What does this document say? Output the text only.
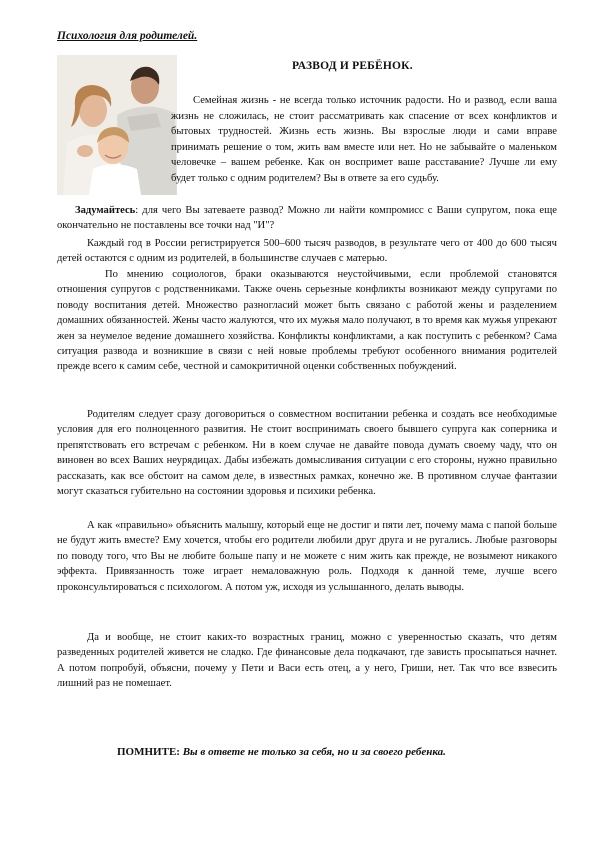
Психология для родителей.
РАЗВОД И РЕБЁНОК.
Семейная жизнь - не всегда только источник радости. Но и развод, если ваша жизнь не сложилась, не стоит рассматривать как спасение от всех конфликтов и бытовых трудностей. Жизнь есть жизнь. Вы взрослые люди и сами вправе принимать решение о том, жить вам вместе или нет. Но не забывайте о маленьком человечке – вашем ребенке. Как он воспримет ваше расставание? Лучше ли ему будет только с одним родителем? Вы в ответе за его судьбу.
Задумайтесь: для чего Вы затеваете развод? Можно ли найти компромисс с Ваши супругом, пока еще окончательно не поставлены все точки над "И"?
Каждый год в России регистрируется 500–600 тысяч разводов, в результате чего от 400 до 600 тысяч детей остаются с одним из родителей, в большинстве случаев с матерью.
По мнению социологов, браки оказываются неустойчивыми, если проблемой становятся отношения супругов с родственниками. Также очень серьезные конфликты возникают между супругами по поводу воспитания детей. Множество разногласий может быть связано с работой жены и разделением домашних обязанностей. Жены часто жалуются, что их мужья мало получают, в то время как мужья упрекают жен за неумелое ведение домашнего хозяйства. Конфликты конфликтами, а как поступить с ребенком? Сама ситуация развода и возникшие в связи с ней новые проблемы требуют особенного внимания родителей прежде всего к самим себе, честной и самокритичной оценки собственных побуждений.
Родителям следует сразу договориться о совместном воспитании ребенка и создать все необходимые условия для его полноценного развития. Не стоит воспринимать своего бывшего супруга как соперника и препятствовать его встречам с ребенком. Ни в коем случае не давайте повода думать своему чаду, что он виновен во всех Ваших неурядицах. Дабы избежать домысливания ситуации с его стороны, нужно правильно рассказать, как все обстоит на самом деле, в известных рамках, конечно же. В противном случае фантазии могут сказаться губительно на состоянии здоровья и психики ребенка.
А как «правильно» объяснить малышу, который еще не достиг и пяти лет, почему мама с папой больше не будут жить вместе? Ему хочется, чтобы его родители любили друг друга и не ругались. Любые разговоры по поводу того, что Вы не любите больше папу и не можете с ним жить как прежде, не возымеют никакого эффекта. Привязанность тоже играет немаловажную роль. Подходя к данной теме, лучше всего проконсультироваться с психологом. А потом уж, исходя из услышанного, делать выводы.
Да и вообще, не стоит каких-то возрастных границ, можно с уверенностью сказать, что детям разведенных родителей живется не сладко. Где финансовые дела подкачают, где зависть просыпаться начнет. А потом попробуй, объясни, почему у Пети и Васи есть отец, а у него, Гриши, нет. Так что все взвесить лишний раз не помешает.
ПОМНИТЕ: Вы в ответе не только за себя, но и за своего ребенка.
